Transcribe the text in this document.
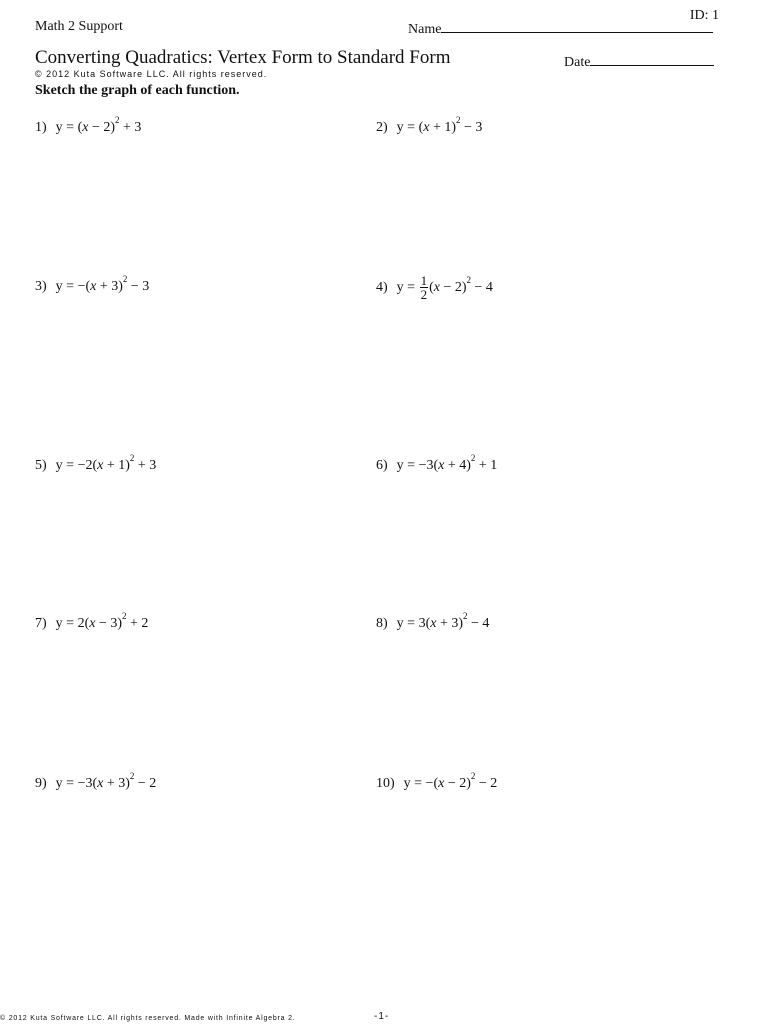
ID: 1
Math 2 Support	Name
Converting Quadratics: Vertex Form to Standard Form	Date
© 2012 Kuta Software LLC. All rights reserved.
Sketch the graph of each function.
1) $y = (x - 2)^2 + 3$	2) $y = (x + 1)^2 - 3$
3) $y = -(x + 3)^2 - 3$	4) $y = \frac{1}{2} (x - 2)^2 - 4$
5) $y = -2(x + 1)^2 + 3$	6) $y = -3(x + 4)^2 + 1$
7) $y = 2(x - 3)^2 + 2$	8) $y = 3(x + 3)^2 - 4$
9) $y = -3(x + 3)^2 - 2$	10) $y = -(x - 2)^2 - 2$
© 2012 Kuta Software LLC. All rights reserved. Made with Infinite Algebra 2.	-1-
